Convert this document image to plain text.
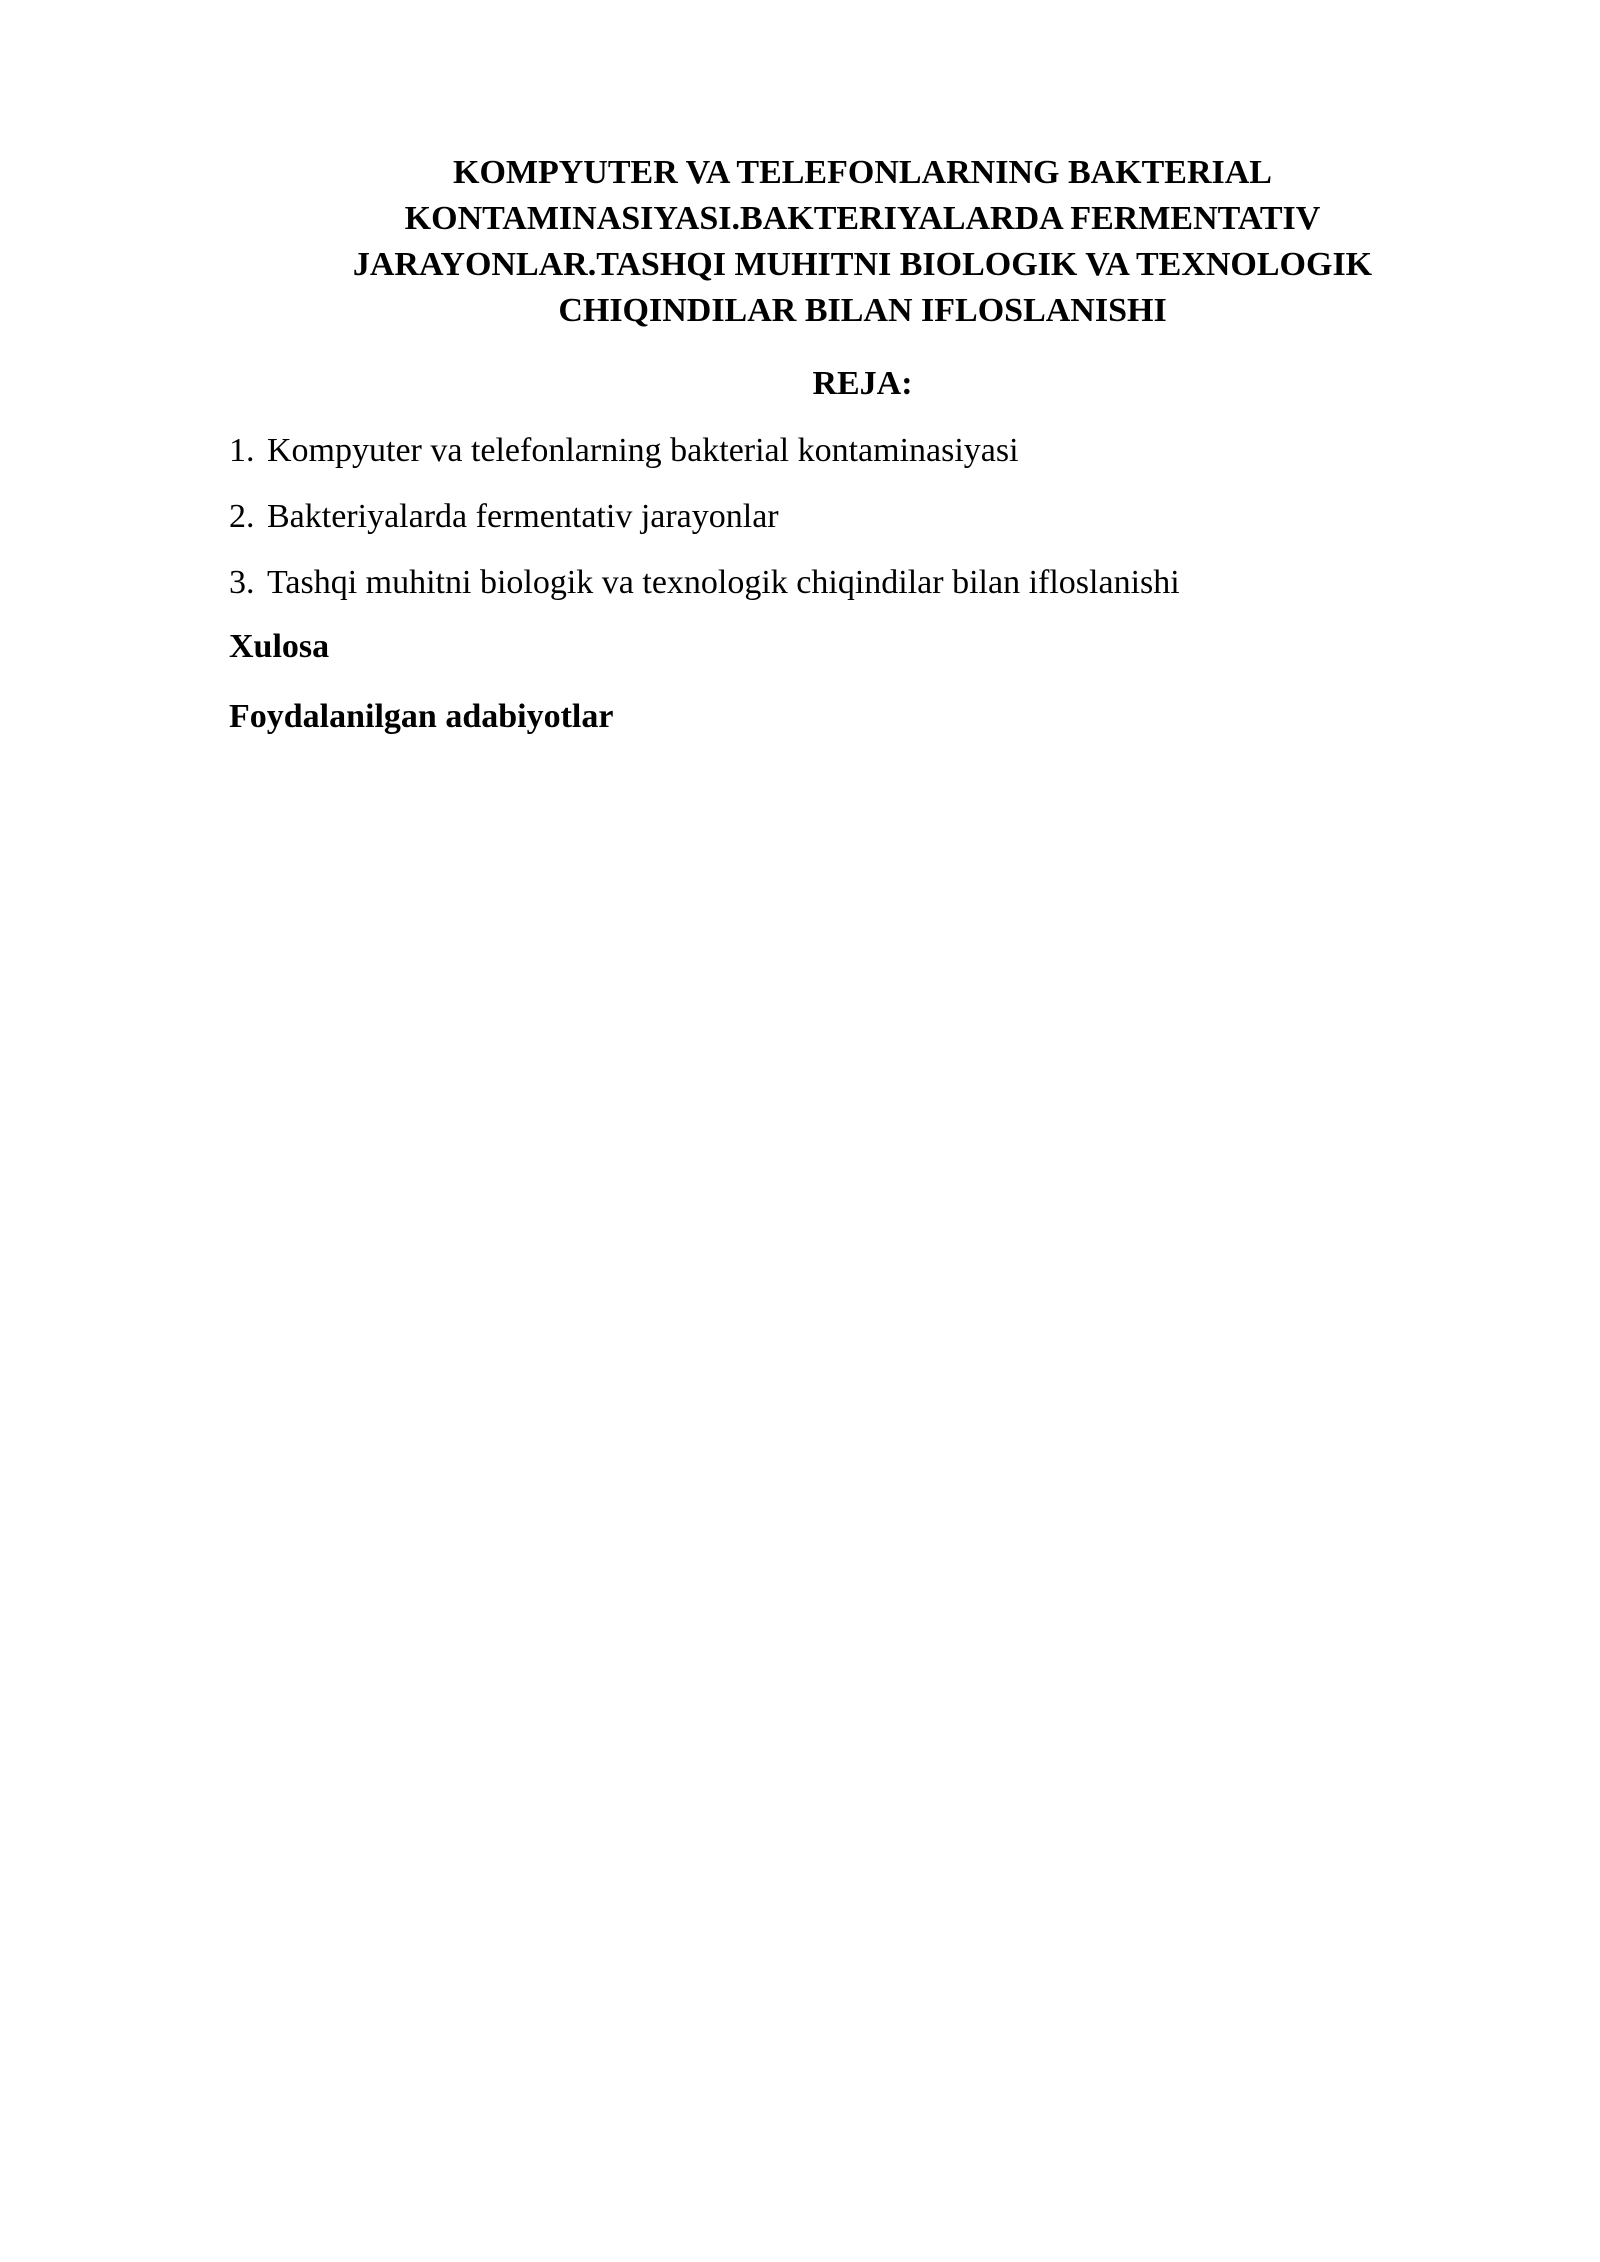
KOMPYUTER VA TELEFONLARNING BAKTERIAL
KONTAMINASIYASI.BAKTERIYALARDA FERMENTATIV
JARAYONLAR.TASHQI MUHITNI BIOLOGIK VA TEXNOLOGIK
CHIQINDILAR BILAN IFLOSLANISHI
REJA:
1. Kompyuter va telefonlarning bakterial kontaminasiyasi
2. Bakteriyalarda fermentativ jarayonlar
3. Tashqi muhitni biologik va texnologik chiqindilar bilan ifloslanishi

Xulosa

Foydalanilgan adabiyotlar
